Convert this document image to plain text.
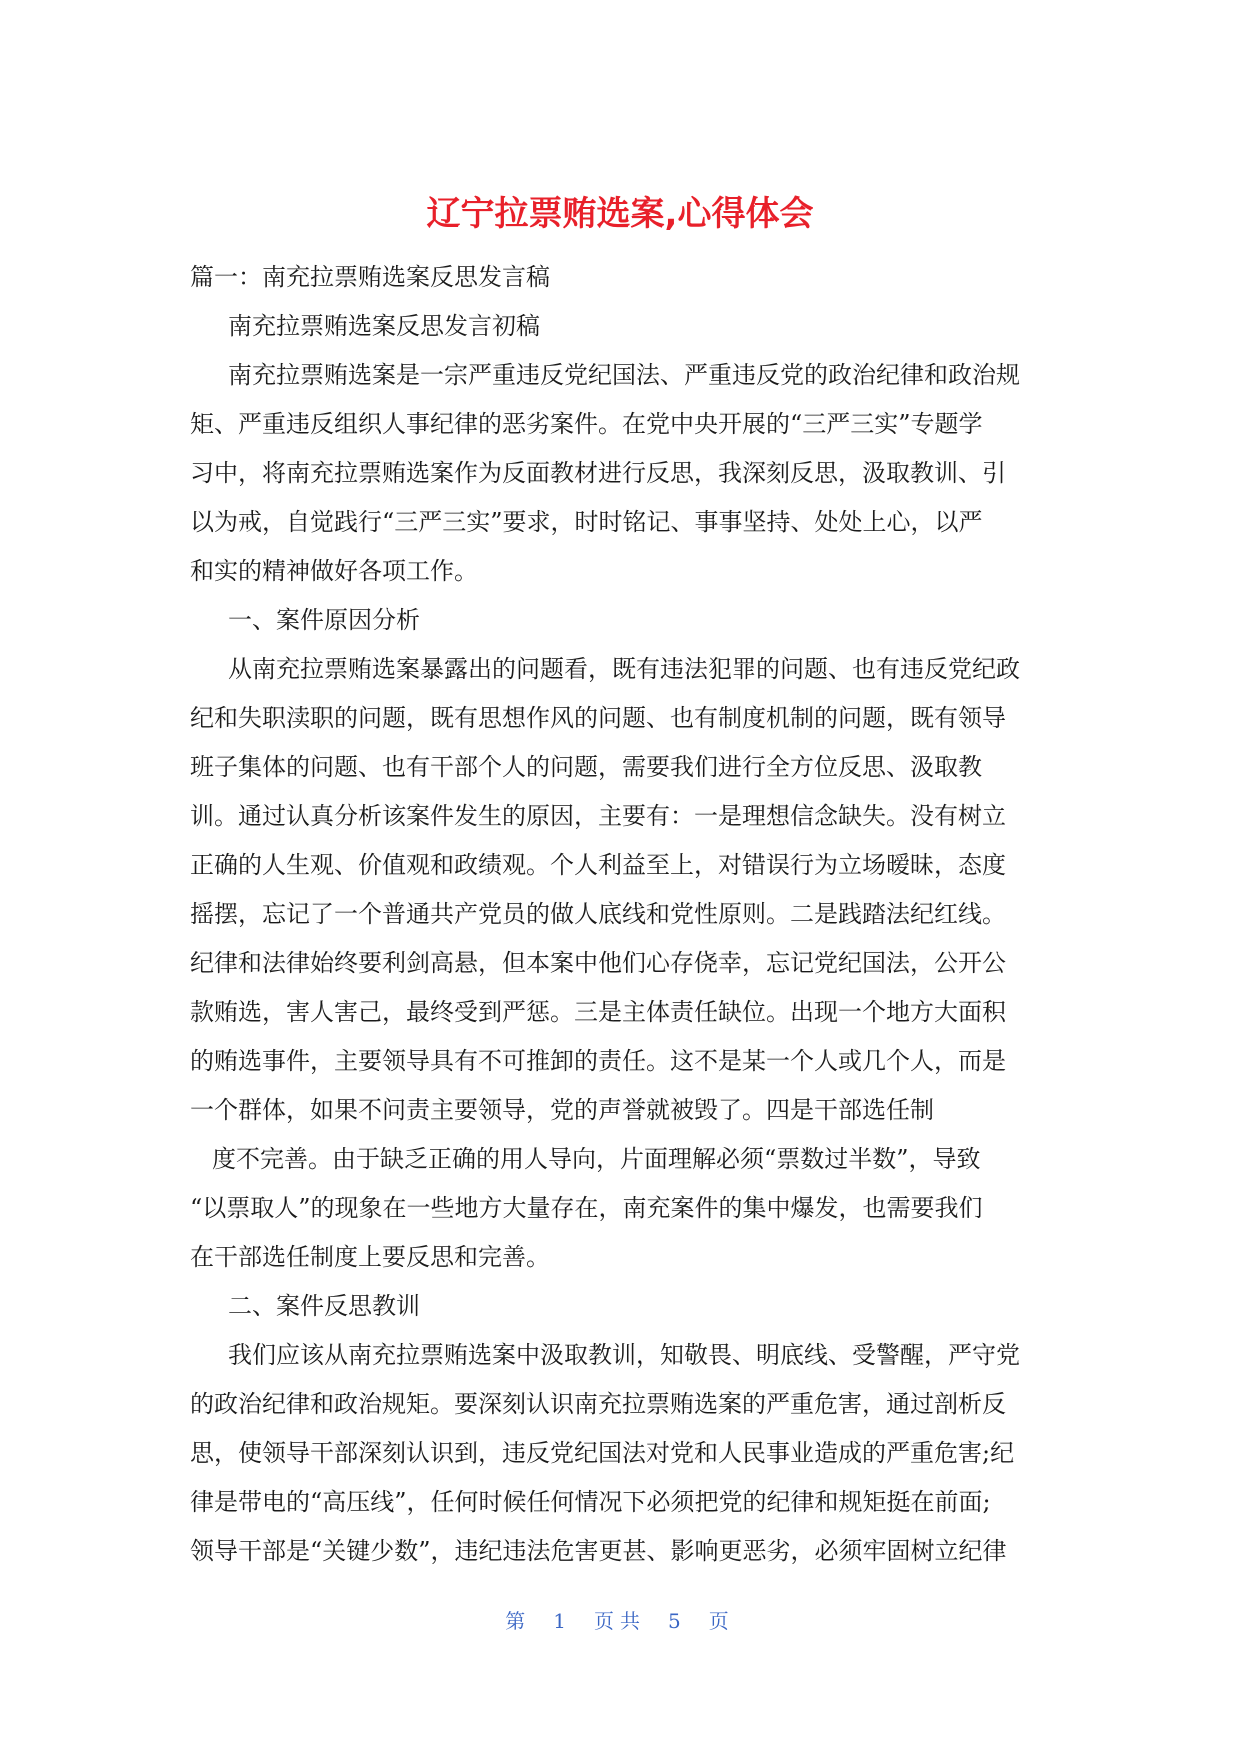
辽宁拉票贿选案,心得体会
篇一：南充拉票贿选案反思发言稿
南充拉票贿选案反思发言初稿
南充拉票贿选案是一宗严重违反党纪国法、严重违反党的政治纪律和政治规
矩、严重违反组织人事纪律的恶劣案件。在党中央开展的“三严三实”专题学
习中，将南充拉票贿选案作为反面教材进行反思，我深刻反思，汲取教训、引
以为戒，自觉践行“三严三实”要求，时时铭记、事事坚持、处处上心，以严
和实的精神做好各项工作。
一、案件原因分析
从南充拉票贿选案暴露出的问题看，既有违法犯罪的问题、也有违反党纪政
纪和失职渎职的问题，既有思想作风的问题、也有制度机制的问题，既有领导
班子集体的问题、也有干部个人的问题，需要我们进行全方位反思、汲取教
训。通过认真分析该案件发生的原因，主要有：一是理想信念缺失。没有树立
正确的人生观、价值观和政绩观。个人利益至上，对错误行为立场暧昧，态度
摇摆，忘记了一个普通共产党员的做人底线和党性原则。二是践踏法纪红线。
纪律和法律始终要利剑高悬，但本案中他们心存侥幸，忘记党纪国法，公开公
款贿选，害人害己，最终受到严惩。三是主体责任缺位。出现一个地方大面积
的贿选事件，主要领导具有不可推卸的责任。这不是某一个人或几个人，而是
一个群体，如果不问责主要领导，党的声誉就被毁了。四是干部选任制
度不完善。由于缺乏正确的用人导向，片面理解必须“票数过半数”，导致
“以票取人”的现象在一些地方大量存在，南充案件的集中爆发，也需要我们
在干部选任制度上要反思和完善。
二、案件反思教训
我们应该从南充拉票贿选案中汲取教训，知敬畏、明底线、受警醒，严守党
的政治纪律和政治规矩。要深刻认识南充拉票贿选案的严重危害，通过剖析反
思，使领导干部深刻认识到，违反党纪国法对党和人民事业造成的严重危害;纪
律是带电的“高压线”，任何时候任何情况下必须把党的纪律和规矩挺在前面;
领导干部是“关键少数”，违纪违法危害更甚、影响更恶劣，必须牢固树立纪律
第 1 页共 5 页
